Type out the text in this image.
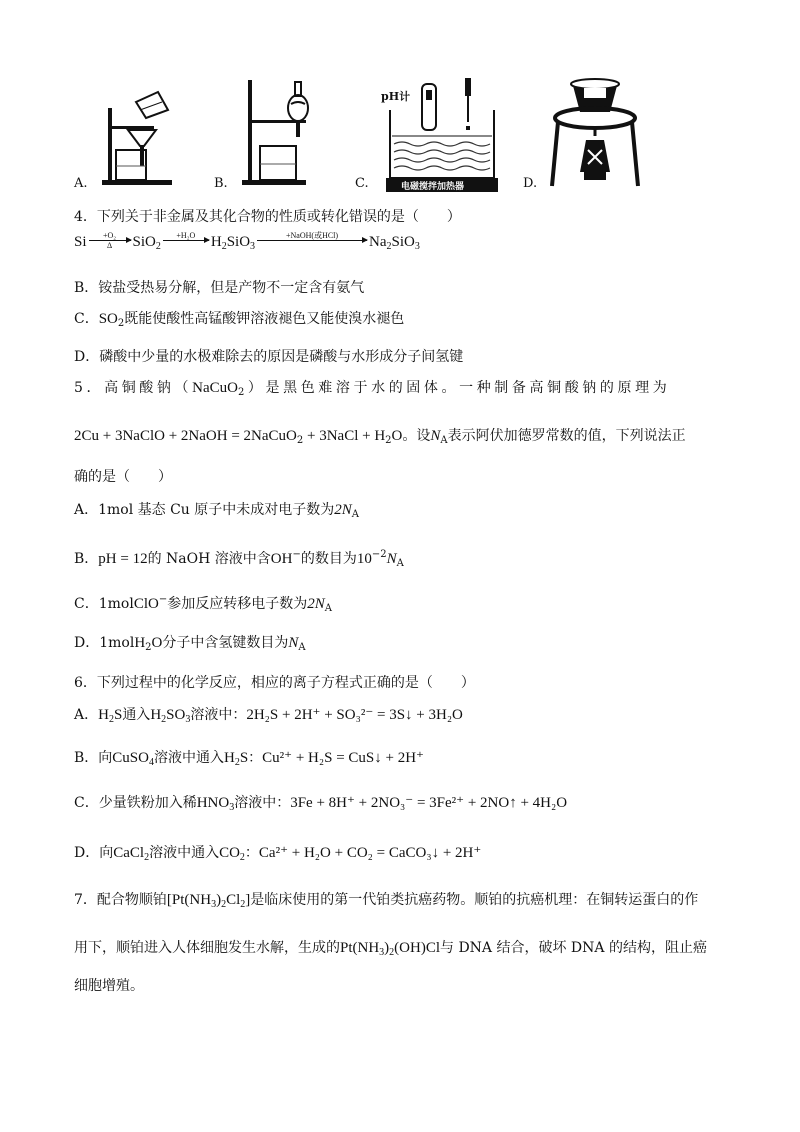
A.	B.
pH计
电磁搅拌加热器
C.	D.
4．下列关于非金属及其化合物的性质或转化错误的是（　　）
Si $\frac{\text{+O₂}}{\Delta} SiO_2$
+H₂O
	$H_2SiO_3$
+NaOH(或HCl)
	$Na_2SiO_3$
B．铵盐受热易分解，但是产物不一定含有氨气
C．$SO_2$既能使酸性高锰酸钾溶液褪色又能使溴水褪色
D．磷酸中少量的水极难除去的原因是磷酸与水形成分子间氢键
5．高铜酸钠（NaCuO$_2$）是黑色难溶于水的固体。一种制备高铜酸钠的原理为
2Cu + 3NaClO + 2NaOH = 2NaCuO$_2$ + 3NaCl + $H_2O$。设$N_A$表示阿伏加德罗常数的值，下列说法正
确的是（　　）
A．1mol 基态 Cu 原子中未成对电子数为$2N_A$
B．pH = 12的 NaOH 溶液中含OH−的数目为$10^{-2}N_A$
C．1molClO−参加反应转移电子数为$2N_A$
D．1molH$_2$O分子中含氢键数目为$N_A$
6．下列过程中的化学反应，相应的离子方程式正确的是（　　）
A．$H_2S$通入$H_2SO_3$溶液中：2H₂S + 2H⁺ + SO₃²⁻ = 3S↓ + 3H₂O
B．向CuSO$_4$溶液中通入$H_2S$：Cu²⁺ + H₂S = CuS↓ + 2H⁺
C．少量铁粉加入稀$HNO_3$溶液中：3Fe + 8H⁺ + 2NO₃⁻ = 3Fe²⁺ + 2NO↑ + 4H₂O
D．向CaCl$_2$溶液中通入$CO_2$：Ca²⁺ + H₂O + CO₂ = CaCO₃↓ + 2H⁺
7．配合物顺铂$[Pt(NH_3)_2Cl_2]$是临床使用的第一代铂类抗癌药物。顺铂的抗癌机理：在铜转运蛋白的作
用下，顺铂进入人体细胞发生水解，生成的$Pt(NH_3)_2(OH)Cl$与 DNA 结合，破坏 DNA 的结构，阻止癌
细胞增殖。
